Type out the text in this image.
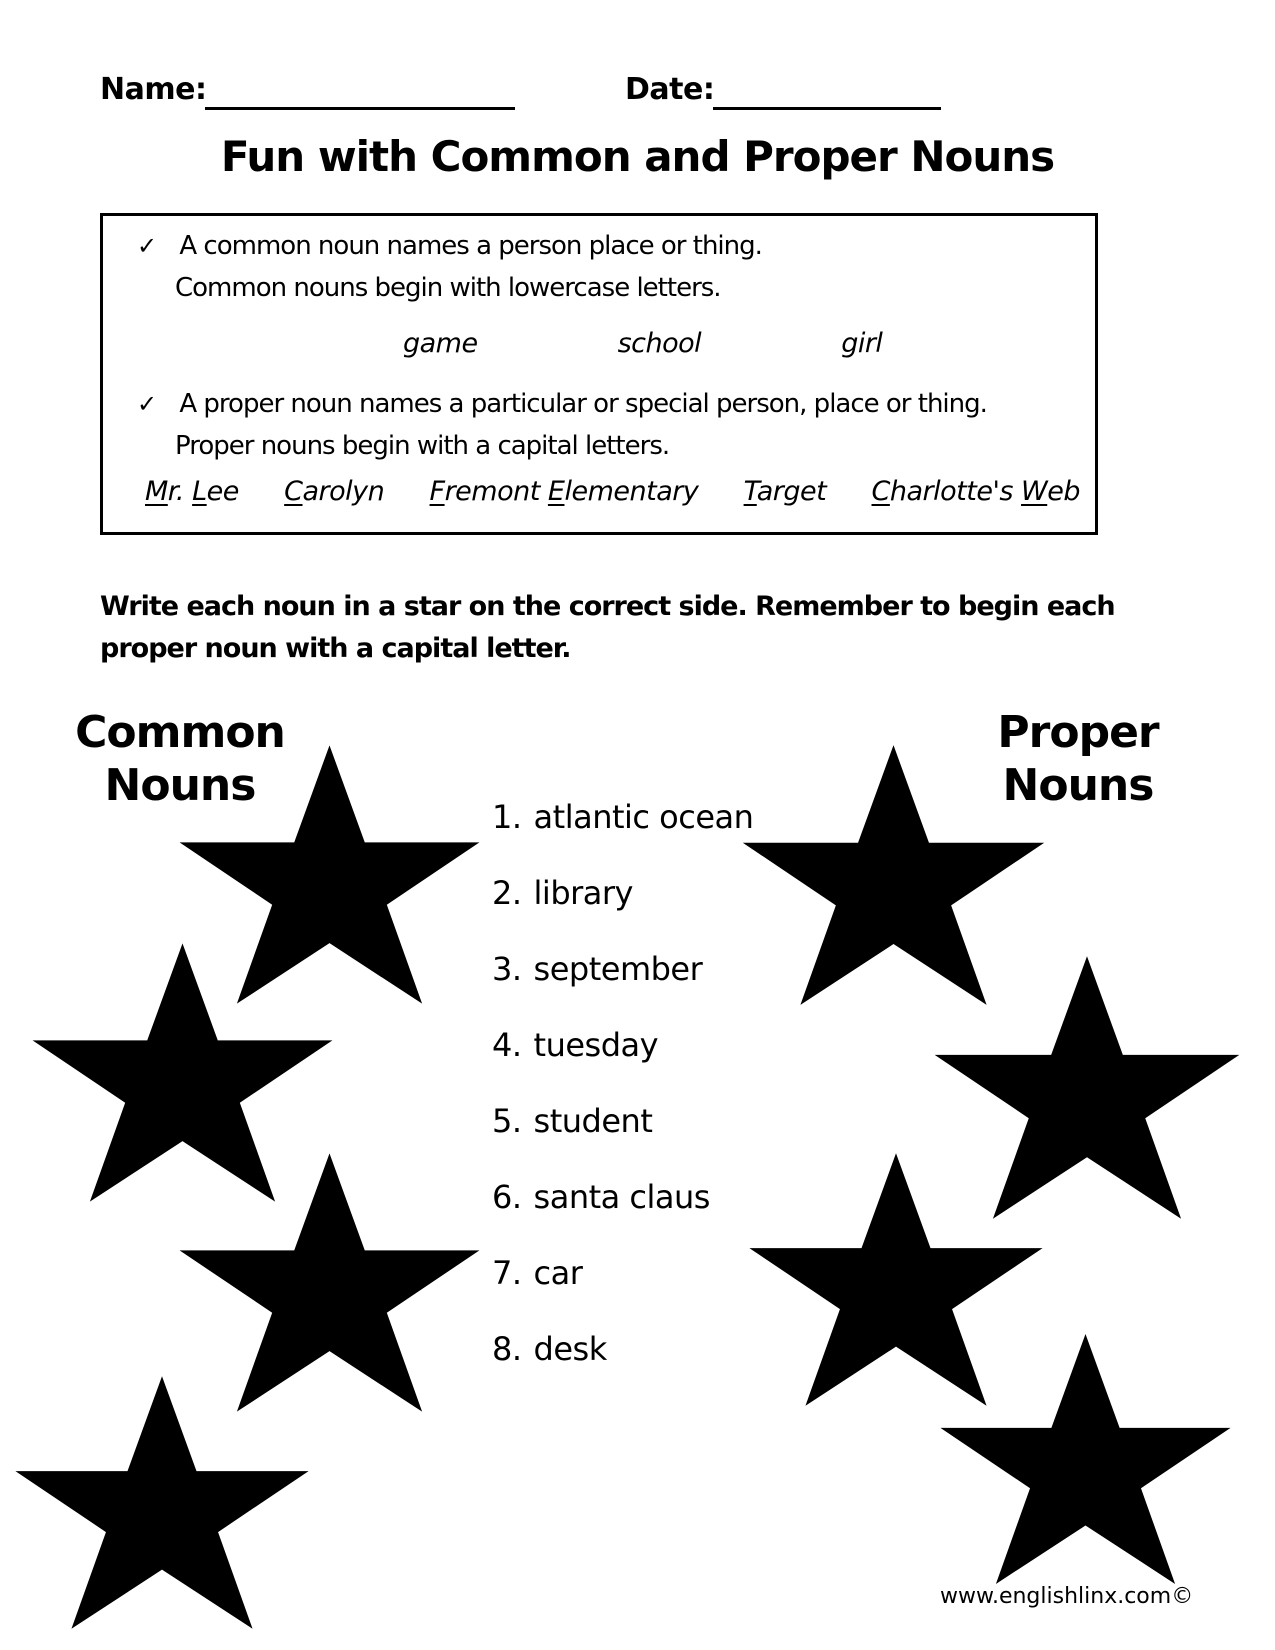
Name:	Date:
Fun with Common and Proper Nouns
✓ A common noun names a person place or thing.
Common nouns begin with lowercase letters.
game	school	girl
✓ A proper noun names a particular or special person, place or thing.
Proper nouns begin with a capital letters.
Mr. Lee Carolyn Fremont Elementary Target Charlotte's Web
Write each noun in a star on the correct side. Remember to begin each proper noun with a capital letter.
Common Nouns
Proper Nouns
1. atlantic ocean
2. library
3. september
4. tuesday
5. student
6. santa claus
7. car
8. desk
www.englishlinx.com©
